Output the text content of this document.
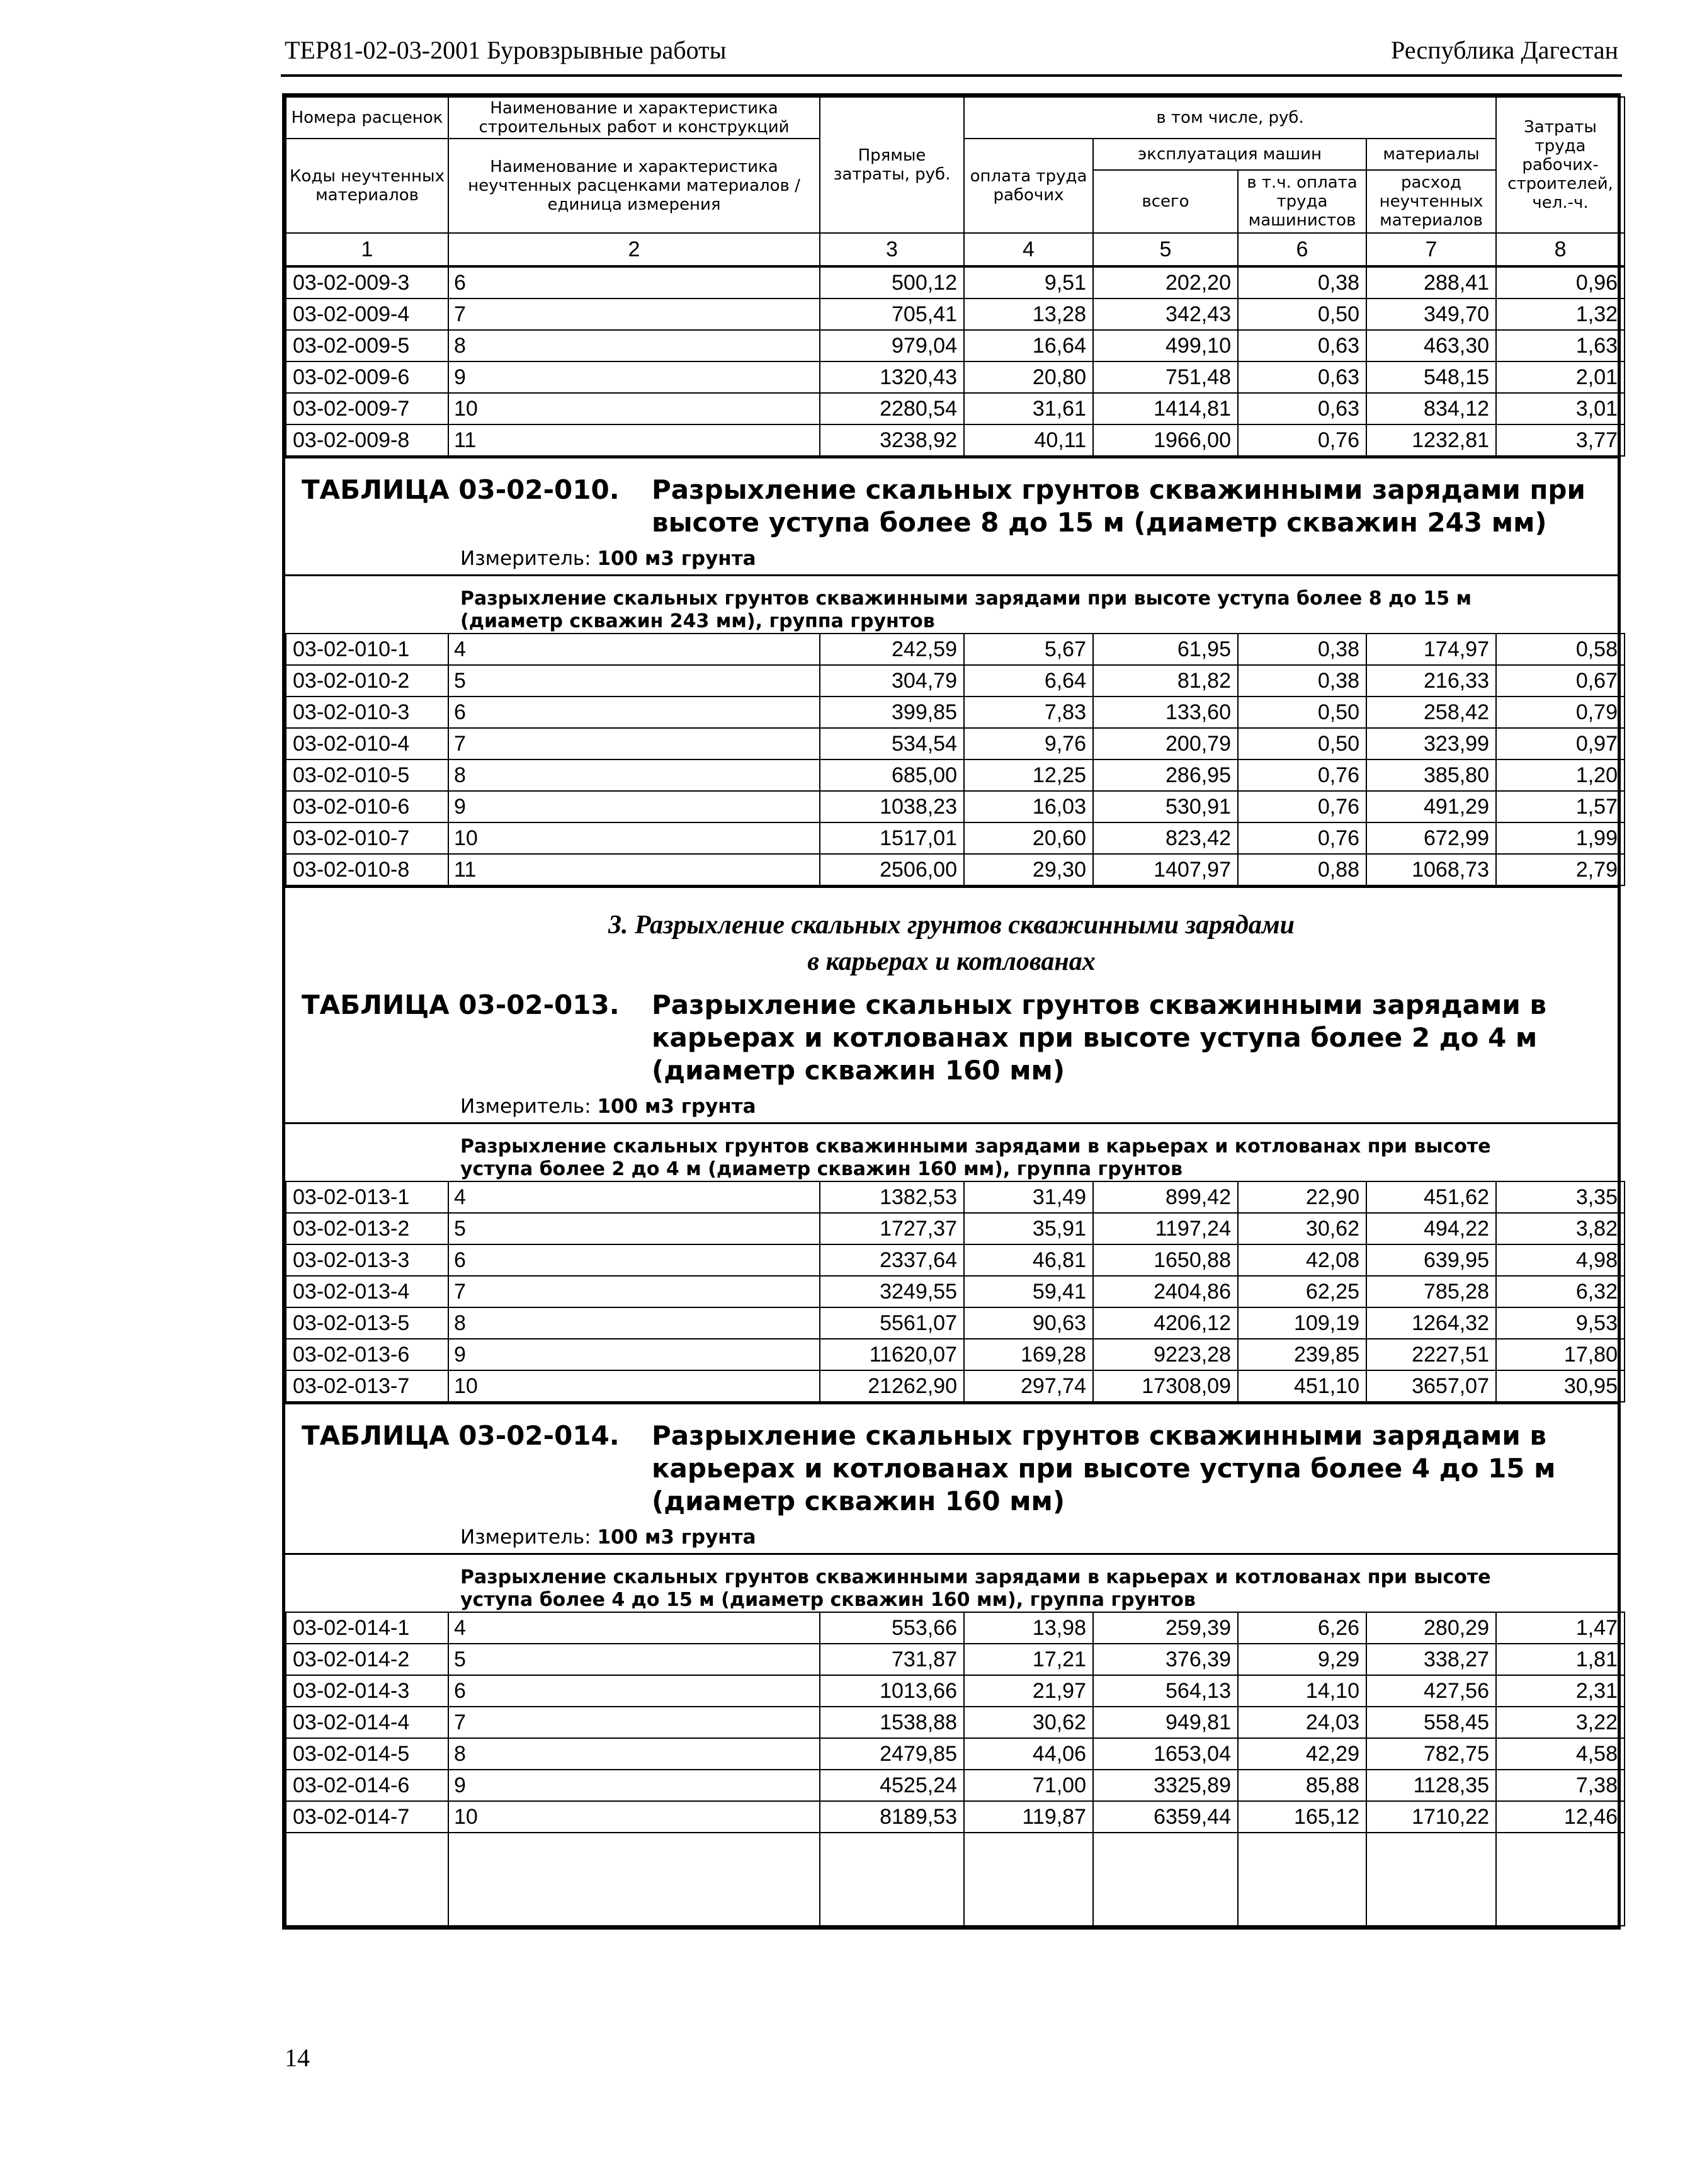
ТЕР81-02-03-2001 Буровзрывные работы	Республика Дагестан
Номера расценок	Наименование и характеристика строительных работ и конструкций	Прямые затраты, руб.	в том числе, руб.				Затраты труда рабочих-строителей, чел.-ч.
Коды неучтенных материалов	Наименование и характеристика неучтенных расценками материалов / единица измерения		оплата труда рабочих	эксплуатация машин		материалы	
				всего	в т.ч. оплата труда машинистов	расход неучтенных материалов	
1	2	3	4	5	6	7	8
03-02-009-3	6	500,12	9,51	202,20	0,38	288,41	0,96
03-02-009-4	7	705,41	13,28	342,43	0,50	349,70	1,32
03-02-009-5	8	979,04	16,64	499,10	0,63	463,30	1,63
03-02-009-6	9	1320,43	20,80	751,48	0,63	548,15	2,01
03-02-009-7	10	2280,54	31,61	1414,81	0,63	834,12	3,01
03-02-009-8	11	3238,92	40,11	1966,00	0,76	1232,81	3,77
ТАБЛИЦА 03-02-010. Разрыхление скальных грунтов скважинными зарядами при высоте уступа более 8 до 15 м (диаметр скважин 243 мм)
Измеритель: 100 м3 грунта
Разрыхление скальных грунтов скважинными зарядами при высоте уступа более 8 до 15 м
(диаметр скважин 243 мм), группа грунтов
03-02-010-1	4	242,59	5,67	61,95	0,38	174,97	0,58
03-02-010-2	5	304,79	6,64	81,82	0,38	216,33	0,67
03-02-010-3	6	399,85	7,83	133,60	0,50	258,42	0,79
03-02-010-4	7	534,54	9,76	200,79	0,50	323,99	0,97
03-02-010-5	8	685,00	12,25	286,95	0,76	385,80	1,20
03-02-010-6	9	1038,23	16,03	530,91	0,76	491,29	1,57
03-02-010-7	10	1517,01	20,60	823,42	0,76	672,99	1,99
03-02-010-8	11	2506,00	29,30	1407,97	0,88	1068,73	2,79
3. Разрыхление скальных грунтов скважинными зарядами
в карьерах и котлованах
ТАБЛИЦА 03-02-013. Разрыхление скальных грунтов скважинными зарядами в карьерах и котлованах при высоте уступа более 2 до 4 м (диаметр скважин 160 мм)
Измеритель: 100 м3 грунта
Разрыхление скальных грунтов скважинными зарядами в карьерах и котлованах при высоте
уступа более 2 до 4 м (диаметр скважин 160 мм), группа грунтов
03-02-013-1	4	1382,53	31,49	899,42	22,90	451,62	3,35
03-02-013-2	5	1727,37	35,91	1197,24	30,62	494,22	3,82
03-02-013-3	6	2337,64	46,81	1650,88	42,08	639,95	4,98
03-02-013-4	7	3249,55	59,41	2404,86	62,25	785,28	6,32
03-02-013-5	8	5561,07	90,63	4206,12	109,19	1264,32	9,53
03-02-013-6	9	11620,07	169,28	9223,28	239,85	2227,51	17,80
03-02-013-7	10	21262,90	297,74	17308,09	451,10	3657,07	30,95
ТАБЛИЦА 03-02-014. Разрыхление скальных грунтов скважинными зарядами в карьерах и котлованах при высоте уступа более 4 до 15 м (диаметр скважин 160 мм)
Измеритель: 100 м3 грунта
Разрыхление скальных грунтов скважинными зарядами в карьерах и котлованах при высоте
уступа более 4 до 15 м (диаметр скважин 160 мм), группа грунтов
03-02-014-1	4	553,66	13,98	259,39	6,26	280,29	1,47
03-02-014-2	5	731,87	17,21	376,39	9,29	338,27	1,81
03-02-014-3	6	1013,66	21,97	564,13	14,10	427,56	2,31
03-02-014-4	7	1538,88	30,62	949,81	24,03	558,45	3,22
03-02-014-5	8	2479,85	44,06	1653,04	42,29	782,75	4,58
03-02-014-6	9	4525,24	71,00	3325,89	85,88	1128,35	7,38
03-02-014-7	10	8189,53	119,87	6359,44	165,12	1710,22	12,46

14
